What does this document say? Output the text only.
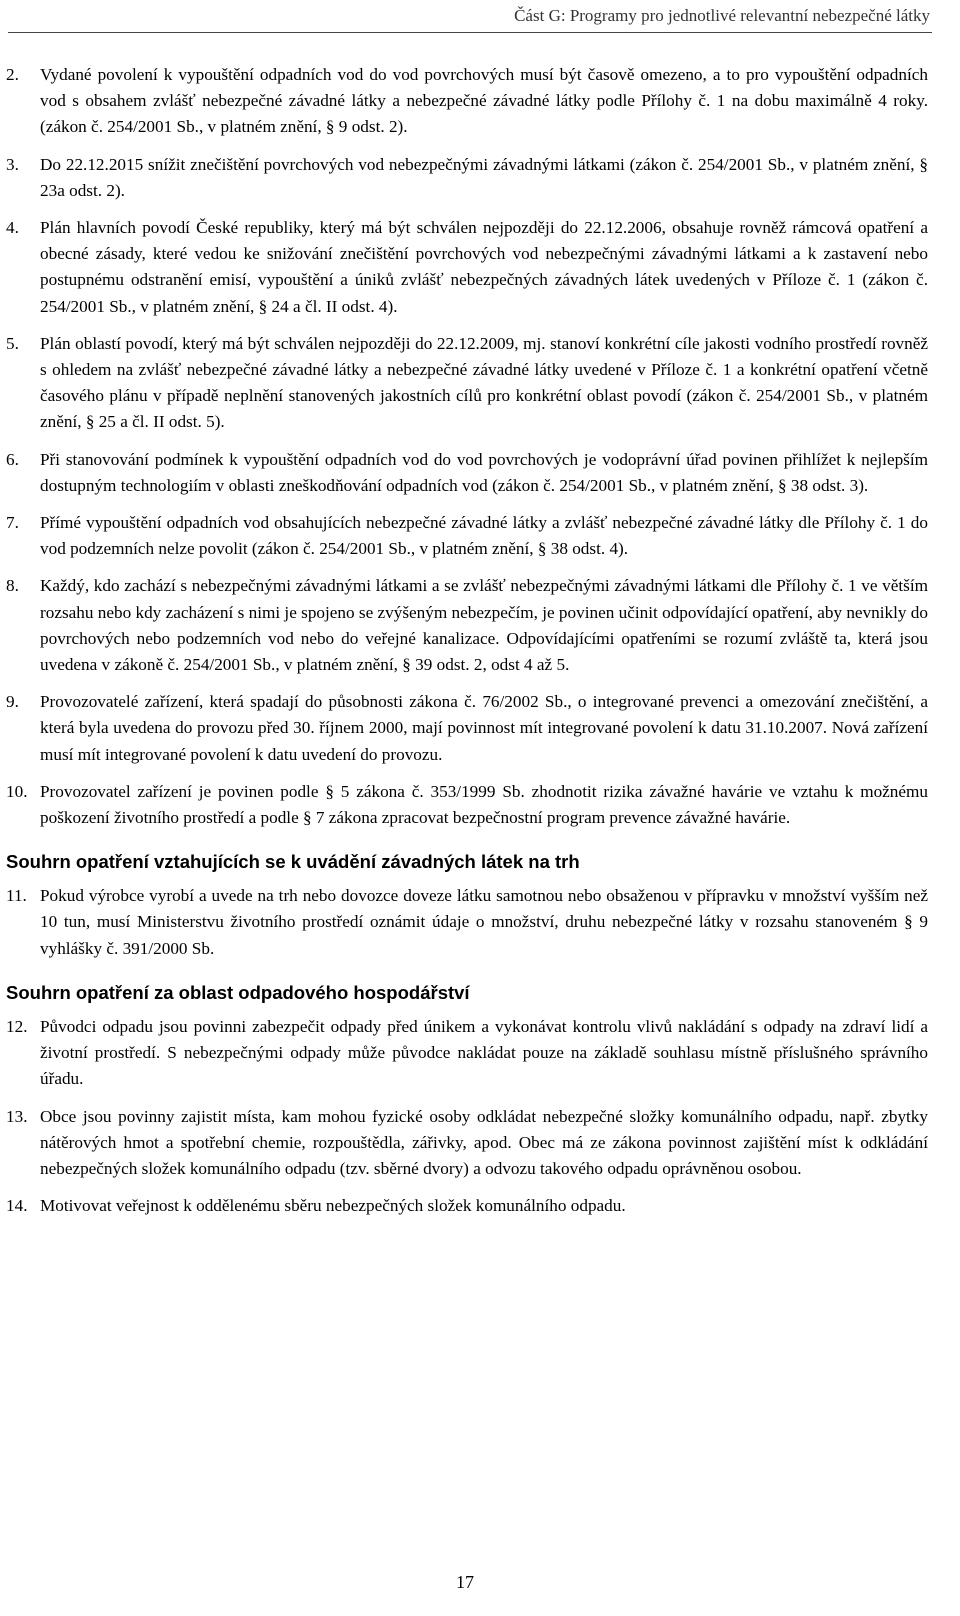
Část G: Programy pro jednotlivé relevantní nebezpečné látky
2. Vydané povolení k vypouštění odpadních vod do vod povrchových musí být časově omezeno, a to pro vypouštění odpadních vod s obsahem zvlášť nebezpečné závadné látky a nebezpečné závadné látky podle Přílohy č. 1 na dobu maximálně 4 roky. (zákon č. 254/2001 Sb., v platném znění, § 9 odst. 2).
3. Do 22.12.2015 snížit znečištění povrchových vod nebezpečnými závadnými látkami (zákon č. 254/2001 Sb., v platném znění, § 23a odst. 2).
4. Plán hlavních povodí České republiky, který má být schválen nejpozději do 22.12.2006, obsahuje rovněž rámcová opatření a obecné zásady, které vedou ke snižování znečištění povrchových vod nebezpečnými závadnými látkami a k zastavení nebo postupnému odstranění emisí, vypouštění a úniků zvlášť nebezpečných závadných látek uvedených v Příloze č. 1 (zákon č. 254/2001 Sb., v platném znění, § 24 a čl. II odst. 4).
5. Plán oblastí povodí, který má být schválen nejpozději do 22.12.2009, mj. stanoví konkrétní cíle jakosti vodního prostředí rovněž s ohledem na zvlášť nebezpečné závadné látky a nebezpečné závadné látky uvedené v Příloze č. 1 a konkrétní opatření včetně časového plánu v případě neplnění stanovených jakostních cílů pro konkrétní oblast povodí (zákon č. 254/2001 Sb., v platném znění, § 25 a čl. II odst. 5).
6. Při stanovování podmínek k vypouštění odpadních vod do vod povrchových je vodoprávní úřad povinen přihlížet k nejlepším dostupným technologiím v oblasti zneškodňování odpadních vod (zákon č. 254/2001 Sb., v platném znění, § 38 odst. 3).
7. Přímé vypouštění odpadních vod obsahujících nebezpečné závadné látky a zvlášť nebezpečné závadné látky dle Přílohy č. 1 do vod podzemních nelze povolit (zákon č. 254/2001 Sb., v platném znění, § 38 odst. 4).
8. Každý, kdo zachází s nebezpečnými závadnými látkami a se zvlášť nebezpečnými závadnými látkami dle Přílohy č. 1 ve větším rozsahu nebo kdy zacházení s nimi je spojeno se zvýšeným nebezpečím, je povinen učinit odpovídající opatření, aby nevnikly do povrchových nebo podzemních vod nebo do veřejné kanalizace. Odpovídajícími opatřeními se rozumí zvláště ta, která jsou uvedena v zákoně č. 254/2001 Sb., v platném znění, § 39 odst. 2, odst 4 až 5.
9. Provozovatelé zařízení, která spadají do působnosti zákona č. 76/2002 Sb., o integrované prevenci a omezování znečištění, a která byla uvedena do provozu před 30. říjnem 2000, mají povinnost mít integrované povolení k datu 31.10.2007. Nová zařízení musí mít integrované povolení k datu uvedení do provozu.
10. Provozovatel zařízení je povinen podle § 5 zákona č. 353/1999 Sb. zhodnotit rizika závažné havárie ve vztahu k možnému poškození životního prostředí a podle § 7 zákona zpracovat bezpečnostní program prevence závažné havárie.
Souhrn opatření vztahujících se k uvádění závadných látek na trh
11. Pokud výrobce vyrobí a uvede na trh nebo dovozce doveze látku samotnou nebo obsaženou v přípravku v množství vyšším než 10 tun, musí Ministerstvu životního prostředí oznámit údaje o množství, druhu nebezpečné látky v rozsahu stanoveném § 9 vyhlášky č. 391/2000 Sb.
Souhrn opatření za oblast odpadového hospodářství
12. Původci odpadu jsou povinni zabezpečit odpady před únikem a vykonávat kontrolu vlivů nakládání s odpady na zdraví lidí a životní prostředí. S nebezpečnými odpady může původce nakládat pouze na základě souhlasu místně příslušného správního úřadu.
13. Obce jsou povinny zajistit místa, kam mohou fyzické osoby odkládat nebezpečné složky komunálního odpadu, např. zbytky nátěrových hmot a spotřební chemie, rozpouštědla, zářivky, apod. Obec má ze zákona povinnost zajištění míst k odkládání nebezpečných složek komunálního odpadu (tzv. sběrné dvory) a odvozu takového odpadu oprávněnou osobou.
14. Motivovat veřejnost k oddělenému sběru nebezpečných složek komunálního odpadu.
17
